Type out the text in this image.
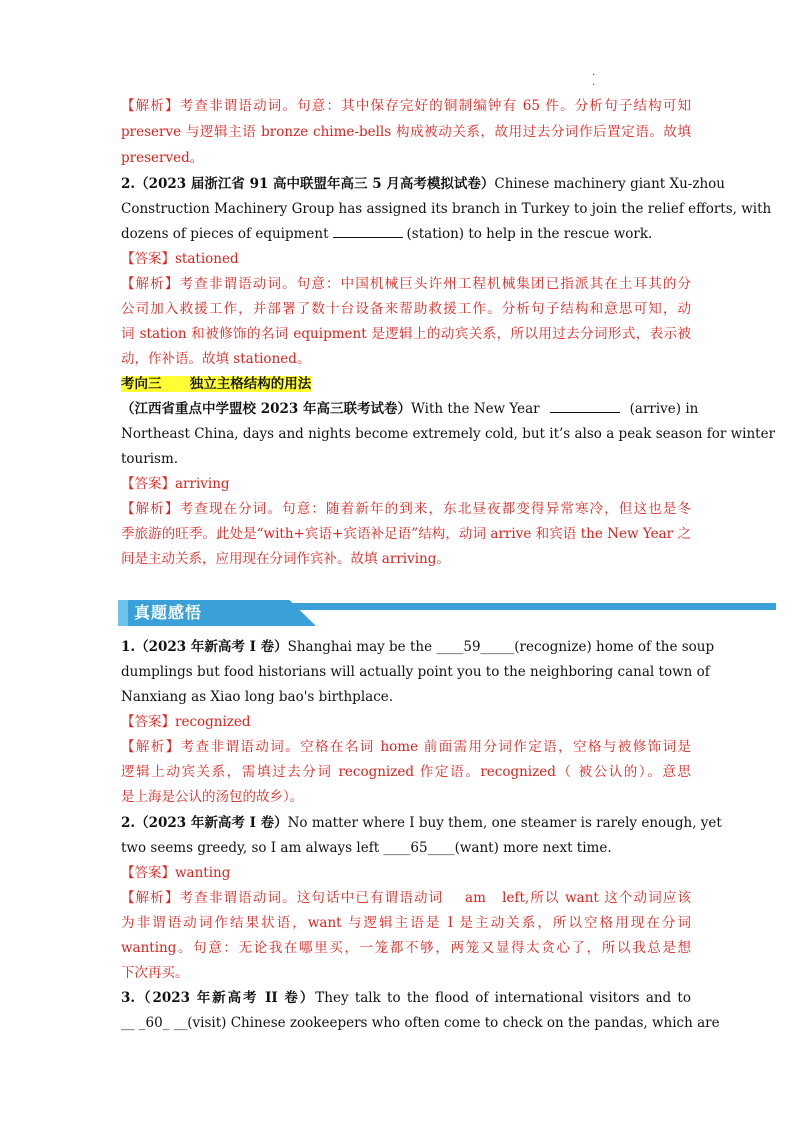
.
.
【解析】考查非谓语动词。句意：其中保存完好的铜制编钟有 65 件。分析句子结构可知
preserve 与逻辑主语 bronze chime-bells 构成被动关系，故用过去分词作后置定语。故填
preserved。
2.（2023 届浙江省 91 高中联盟年高三 5 月高考模拟试卷）Chinese machinery giant Xu-zhou
Construction Machinery Group has assigned its branch in Turkey to join the relief efforts, with
dozens of pieces of equipment	(station) to help in the rescue work.
【答案】stationed
【解析】考查非谓语动词。句意：中国机械巨头许州工程机械集团已指派其在土耳其的分
公司加入救援工作，并部署了数十台设备来帮助救援工作。分析句子结构和意思可知，动
词 station 和被修饰的名词 equipment 是逻辑上的动宾关系，所以用过去分词形式，表示被
动，作补语。故填 stationed。
考向三      独立主格结构的用法
（江西省重点中学盟校 2023 年高三联考试卷）With the New Year	(arrive) in
Northeast China, days and nights become extremely cold, but it’s also a peak season for winter
tourism.
【答案】arriving
【解析】考查现在分词。句意：随着新年的到来，东北昼夜都变得异常寒冷，但这也是冬
季旅游的旺季。此处是“with+宾语+宾语补足语”结构，动词 arrive 和宾语 the New Year 之
间是主动关系，应用现在分词作宾补。故填 arriving。
真题感悟
1.（2023 年新高考 I 卷）Shanghai may be the ____59_____(recognize) home of the soup
dumplings but food historians will actually point you to the neighboring canal town of
Nanxiang as Xiao long bao's birthplace.
【答案】recognized
【解析】考查非谓语动词。空格在名词 home 前面需用分词作定语，空格与被修饰词是
逻辑上动宾关系，需填过去分词 recognized 作定语。recognized（ 被公认的）。意思
是上海是公认的汤包的故乡）。
2.（2023 年新高考 I 卷）No matter where I buy them, one steamer is rarely enough, yet
two seems greedy, so I am always left ____65____(want) more next time.
【答案】wanting
【解析】考查非谓语动词。这句话中已有谓语动词    am   left,所以 want 这个动词应该
为非谓语动词作结果状语，want 与逻辑主语是 I 是主动关系，所以空格用现在分词
wanting。句意：无论我在哪里买，一笼都不够，两笼又显得太贪心了，所以我总是想
下次再买。
3.（2023 年新高考 II 卷）They talk to the flood of international visitors and to
__ _60_ __(visit) Chinese zookeepers who often come to check on the pandas, which are
